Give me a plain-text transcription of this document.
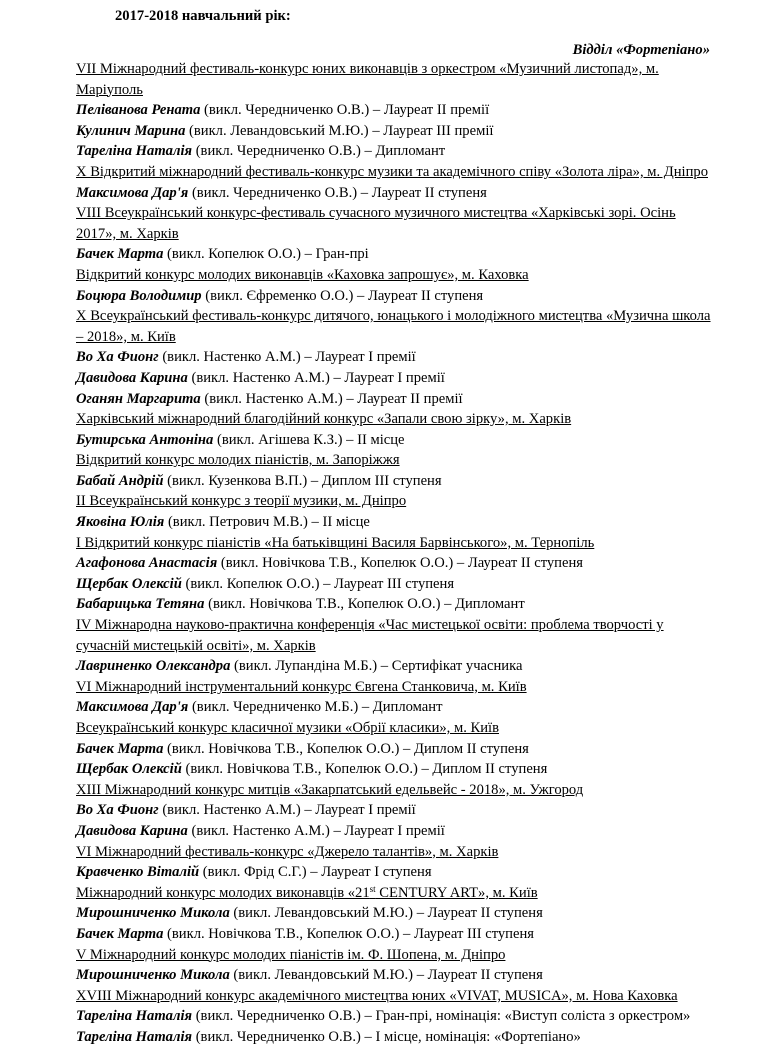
2017-2018 навчальний рік:
Відділ «Фортепіано»

VII Міжнародний фестиваль-конкурс юних виконавців з оркестром «Музичний листопад», м. Маріуполь

Пеліванова Рената (викл. Чередниченко О.В.) – Лауреат ІІ премії

Кулинич Марина (викл. Левандовський М.Ю.) – Лауреат ІІІ премії

Тареліна Наталія (викл. Чередниченко О.В.) – Дипломант

Х Відкритий міжнародний фестиваль-конкурс музики та академічного співу «Золота ліра», м. Дніпро

Максимова Дар'я (викл. Чередниченко О.В.) – Лауреат ІІ ступеня

VIII Всеукраїнський конкурс-фестиваль сучасного музичного мистецтва «Харківські зорі. Осінь 2017», м. Харків

Бачек Марта (викл. Копелюк О.О.) – Гран-прі

Відкритий конкурс молодих виконавців «Каховка запрошує», м. Каховка

Боцюра Володимир (викл. Єфременко О.О.) – Лауреат ІІ ступеня

Х Всеукраїнський фестиваль-конкурс дитячого, юнацького і молодіжного мистецтва «Музична школа – 2018», м. Київ

Во Ха Фионг (викл. Настенко А.М.) – Лауреат І премії

Давидова Карина (викл. Настенко А.М.) – Лауреат І премії

Оганян Маргарита (викл. Настенко А.М.) – Лауреат ІІ премії

Харківський міжнародний благодійний конкурс «Запали свою зірку», м. Харків

Бутирська Антоніна (викл. Агішева К.З.) – ІІ місце

Відкритий конкурс молодих піаністів, м. Запоріжжя

Бабай Андрій (викл. Кузенкова В.П.) – Диплом ІІІ ступеня

ІІ Всеукраїнський конкурс з теорії музики, м. Дніпро

Яковіна Юлія (викл. Петрович М.В.) – ІІ місце

І Відкритий конкурс піаністів «На батьківщині Василя Барвінського», м. Тернопіль

Агафонова Анастасія (викл. Новічкова Т.В., Копелюк О.О.) – Лауреат ІІ ступеня

Щербак Олексій (викл. Копелюк О.О.) – Лауреат ІІІ ступеня

Бабарицька Тетяна (викл. Новічкова Т.В., Копелюк О.О.) – Дипломант

IV Міжнародна науково-практична конференція «Час мистецької освіти: проблема творчості у сучасній мистецькій освіті», м. Харків

Лавриненко Олександра (викл. Лупандіна М.Б.) – Сертифікат учасника

VI Міжнародний інструментальний конкурс Євгена Станковича, м. Київ

Максимова Дар'я (викл. Чередниченко М.Б.) – Дипломант

Всеукраїнський конкурс класичної музики «Обрії класики», м. Київ

Бачек Марта (викл. Новічкова Т.В., Копелюк О.О.) – Диплом ІІ ступеня

Щербак Олексій (викл. Новічкова Т.В., Копелюк О.О.) – Диплом ІІ ступеня

ХІІІ Міжнародний конкурс митців «Закарпатський едельвейс - 2018», м. Ужгород

Во Ха Фионг (викл. Настенко А.М.) – Лауреат І премії

Давидова Карина (викл. Настенко А.М.) – Лауреат І премії

VI Міжнародний фестиваль-конкурс «Джерело талантів», м. Харків

Кравченко Віталій (викл. Фрід С.Г.) – Лауреат І ступеня

Міжнародний конкурс молодих виконавців «21st CENTURY ART», м. Київ

Мирошниченко Микола (викл. Левандовський М.Ю.) – Лауреат ІІ ступеня

Бачек Марта (викл. Новічкова Т.В., Копелюк О.О.) – Лауреат ІІІ ступеня

V Міжнародний конкурс молодих піаністів ім. Ф. Шопена, м. Дніпро

Мирошниченко Микола (викл. Левандовський М.Ю.) – Лауреат ІІ ступеня

ХVІІІ Міжнародний конкурс академічного мистецтва юних «VIVAT, MUSICA», м. Нова Каховка

Тареліна Наталія (викл. Чередниченко О.В.) – Гран-прі, номінація: «Виступ соліста з оркестром»

Тареліна Наталія (викл. Чередниченко О.В.) – І місце, номінація: «Фортепіано»
